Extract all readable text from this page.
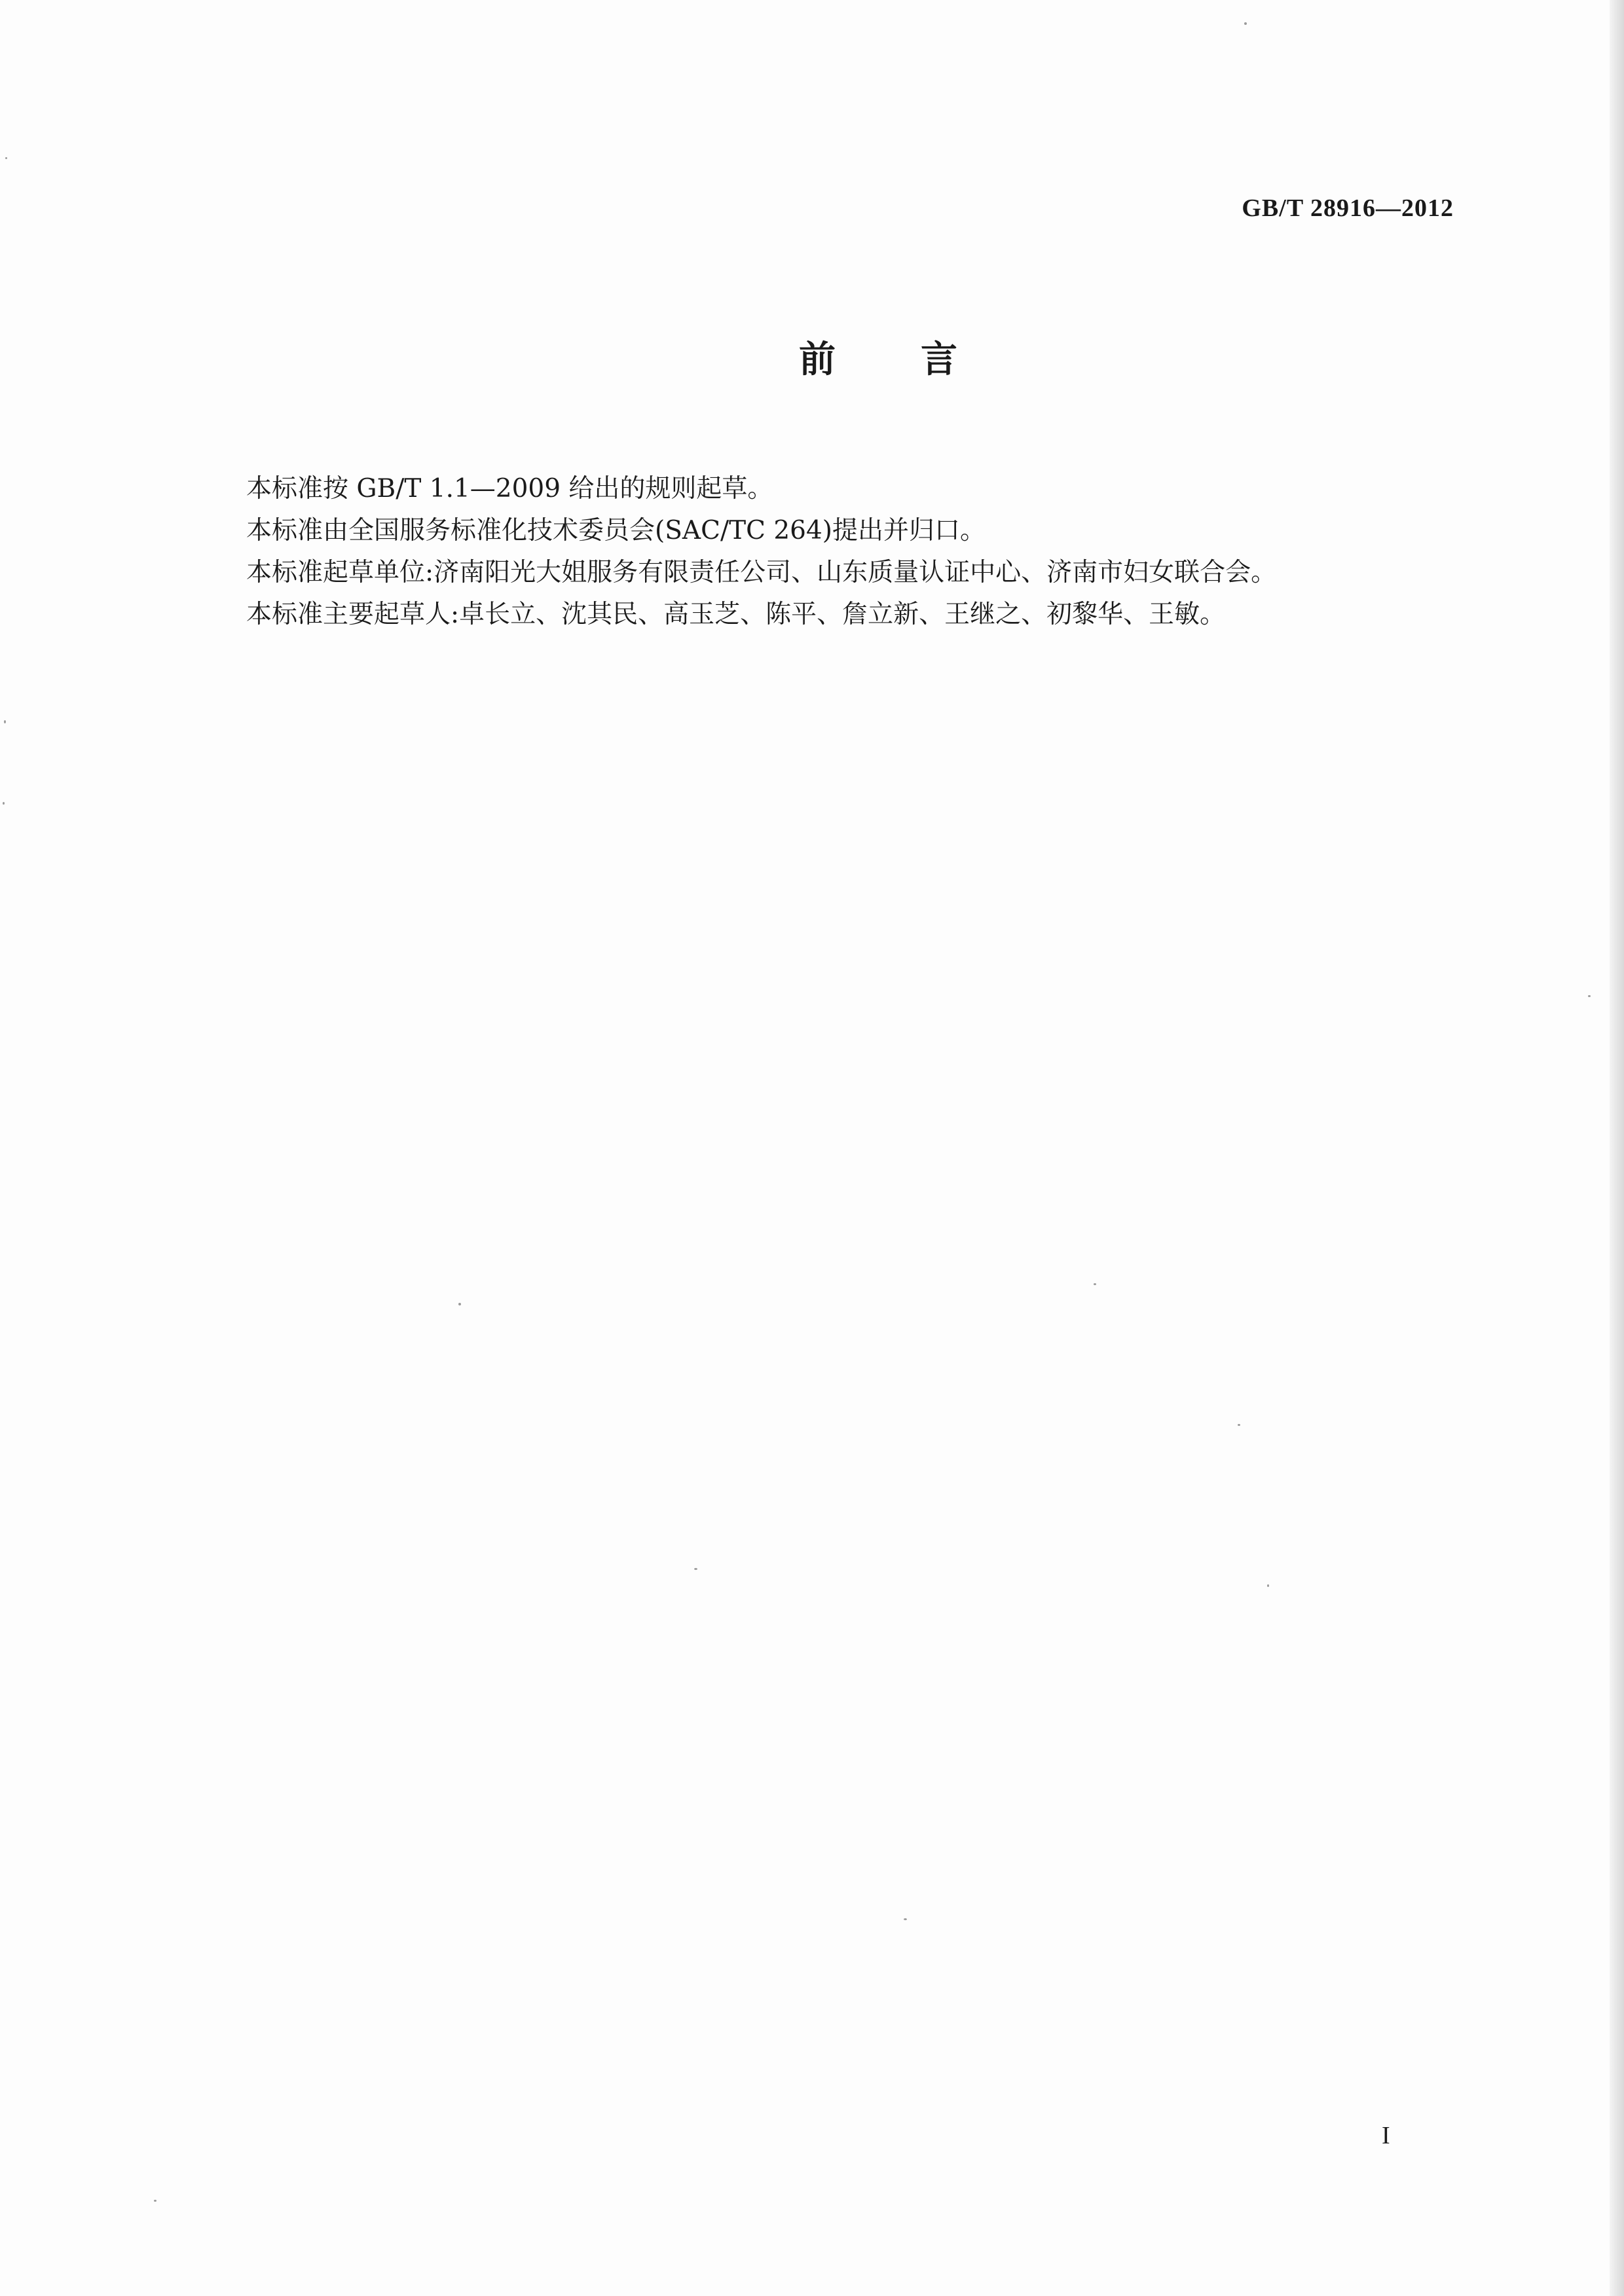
GB/T 28916—2012
前言
本标准按 GB/T 1.1—2009 给出的规则起草。
本标准由全国服务标准化技术委员会(SAC/TC 264)提出并归口。
本标准起草单位:济南阳光大姐服务有限责任公司、山东质量认证中心、济南市妇女联合会。
本标准主要起草人:卓长立、沈其民、高玉芝、陈平、詹立新、王继之、初黎华、王敏。
I
